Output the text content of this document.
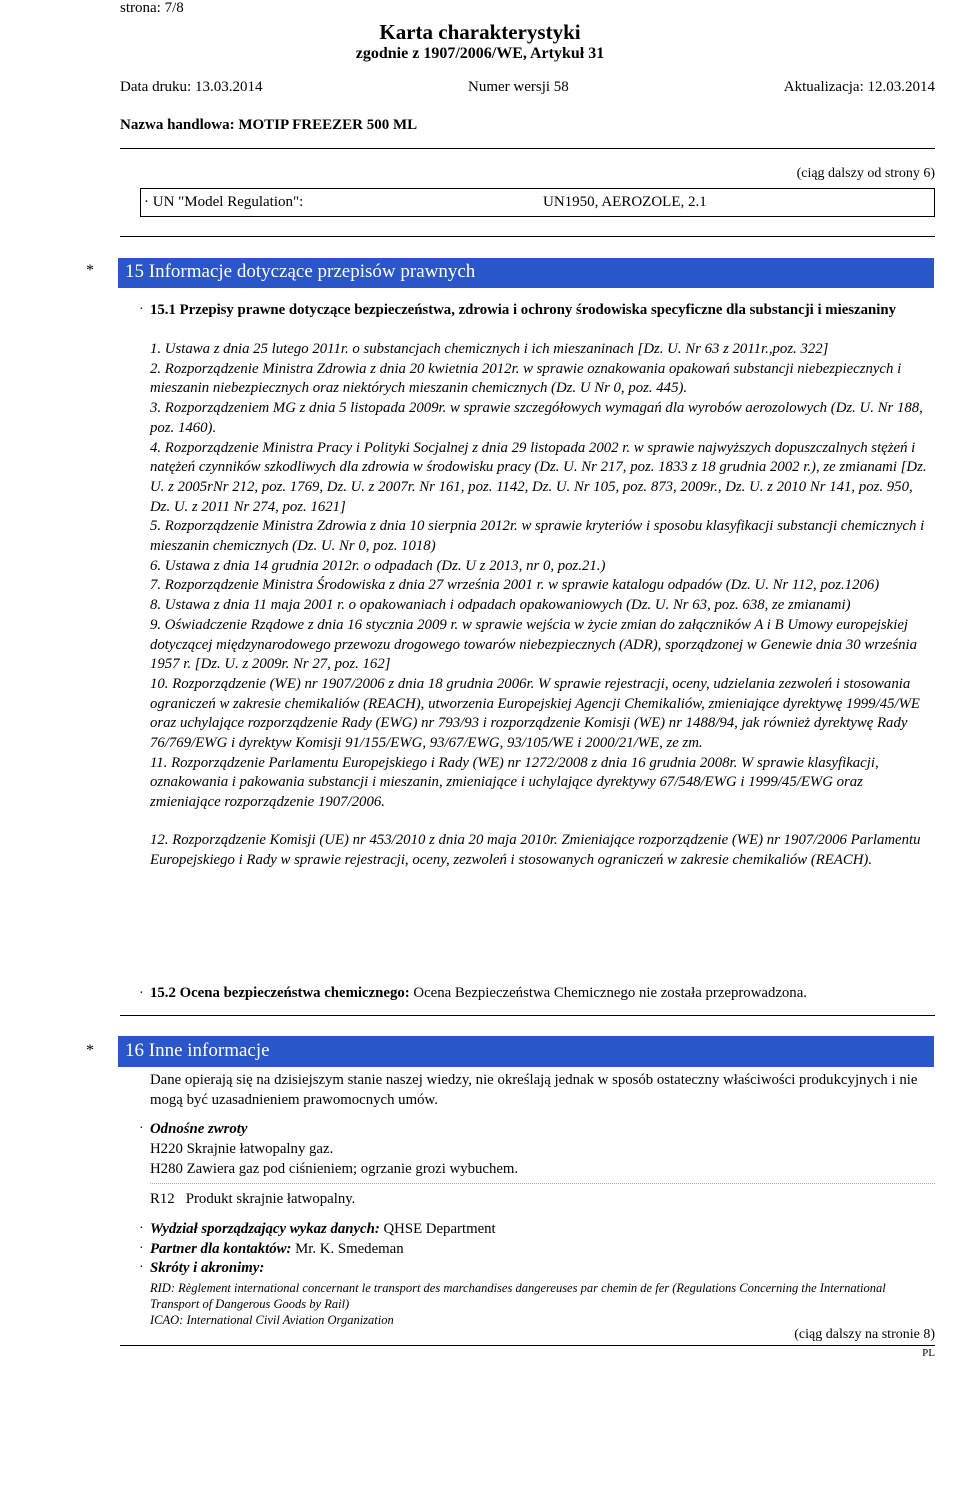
strona: 7/8
Karta charakterystyki
zgodnie z 1907/2006/WE, Artykuł 31
Data druku: 13.03.2014	Numer wersji 58	Aktualizacja: 12.03.2014
Nazwa handlowa: MOTIP FREEZER 500 ML
(ciąg dalszy od strony 6)
· UN "Model Regulation":	UN1950, AEROZOLE, 2.1
* 15 Informacje dotyczące przepisów prawnych
· 15.1 Przepisy prawne dotyczące bezpieczeństwa, zdrowia i ochrony środowiska specyficzne dla substancji i mieszaniny

1. Ustawa z dnia 25 lutego 2011r. o substancjach chemicznych i ich mieszaninach [Dz. U. Nr 63 z 2011r.,poz. 322]

2. Rozporządzenie Ministra Zdrowia z dnia 20 kwietnia 2012r. w sprawie oznakowania opakowań substancji niebezpiecznych i mieszanin niebezpiecznych oraz niektórych mieszanin chemicznych (Dz. U Nr 0, poz. 445).

3. Rozporządzeniem MG z dnia 5 listopada 2009r. w sprawie szczegółowych wymagań dla wyrobów aerozolowych (Dz. U. Nr 188, poz. 1460).

4. Rozporządzenie Ministra Pracy i Polityki Socjalnej z dnia 29 listopada 2002 r. w sprawie najwyższych dopuszczalnych stężeń i natężeń czynników szkodliwych dla zdrowia w środowisku pracy (Dz. U. Nr 217, poz. 1833 z 18 grudnia 2002 r.), ze zmianami [Dz. U. z 2005rNr 212, poz. 1769, Dz. U. z 2007r. Nr 161, poz. 1142, Dz. U. Nr 105, poz. 873, 2009r., Dz. U. z 2010 Nr 141, poz. 950, Dz. U. z 2011 Nr 274, poz. 1621]

5. Rozporządzenie Ministra Zdrowia z dnia 10 sierpnia 2012r. w sprawie kryteriów i sposobu klasyfikacji substancji chemicznych i mieszanin chemicznych (Dz. U. Nr 0, poz. 1018)

6. Ustawa z dnia 14 grudnia 2012r. o odpadach (Dz. U z 2013, nr 0, poz.21.)

7. Rozporządzenie Ministra Środowiska z dnia 27 września 2001 r. w sprawie katalogu odpadów (Dz. U. Nr 112, poz.1206)

8. Ustawa z dnia 11 maja 2001 r. o opakowaniach i odpadach opakowaniowych (Dz. U. Nr 63, poz. 638, ze zmianami)

9. Oświadczenie Rządowe z dnia 16 stycznia 2009 r. w sprawie wejścia w życie zmian do załączników A i B Umowy europejskiej dotyczącej międzynarodowego przewozu drogowego towarów niebezpiecznych (ADR), sporządzonej w Genewie dnia 30 września 1957 r. [Dz. U. z 2009r. Nr 27, poz. 162]

10. Rozporządzenie (WE) nr 1907/2006 z dnia 18 grudnia 2006r. W sprawie rejestracji, oceny, udzielania zezwoleń i stosowania ograniczeń w zakresie chemikaliów (REACH), utworzenia Europejskiej Agencji Chemikaliów, zmieniające dyrektywę 1999/45/WE oraz uchylające rozporządzenie Rady (EWG) nr 793/93 i rozporządzenie Komisji (WE) nr 1488/94, jak również dyrektywę Rady 76/769/EWG i dyrektyw Komisji 91/155/EWG, 93/67/EWG, 93/105/WE i 2000/21/WE, ze zm.

11. Rozporządzenie Parlamentu Europejskiego i Rady (WE) nr 1272/2008 z dnia 16 grudnia 2008r. W sprawie klasyfikacji, oznakowania i pakowania substancji i mieszanin, zmieniające i uchylające dyrektywy 67/548/EWG i 1999/45/EWG oraz zmieniające rozporządzenie 1907/2006.

12. Rozporządzenie Komisji (UE) nr 453/2010 z dnia 20 maja 2010r. Zmieniające rozporządzenie (WE) nr 1907/2006 Parlamentu Europejskiego i Rady w sprawie rejestracji, oceny, zezwoleń i stosowanych ograniczeń w zakresie chemikaliów (REACH).

· 15.2 Ocena bezpieczeństwa chemicznego: Ocena Bezpieczeństwa Chemicznego nie została przeprowadzona.
* 16 Inne informacje
Dane opierają się na dzisiejszym stanie naszej wiedzy, nie określają jednak w sposób ostateczny właściwości produkcyjnych i nie mogą być uzasadnieniem prawomocnych umów.
· Odnośne zwroty

H220 Skrajnie łatwopalny gaz.

H280 Zawiera gaz pod ciśnieniem; ogrzanie grozi wybuchem.

R12   Produkt skrajnie łatwopalny.
· Wydział sporządzający wykaz danych: QHSE Department
· Partner dla kontaktów: Mr. K. Smedeman
· Skróty i akronimy:
RID: Règlement international concernant le transport des marchandises dangereuses par chemin de fer (Regulations Concerning the International Transport of Dangerous Goods by Rail)
ICAO: International Civil Aviation Organization
(ciąg dalszy na stronie 8)
PL
